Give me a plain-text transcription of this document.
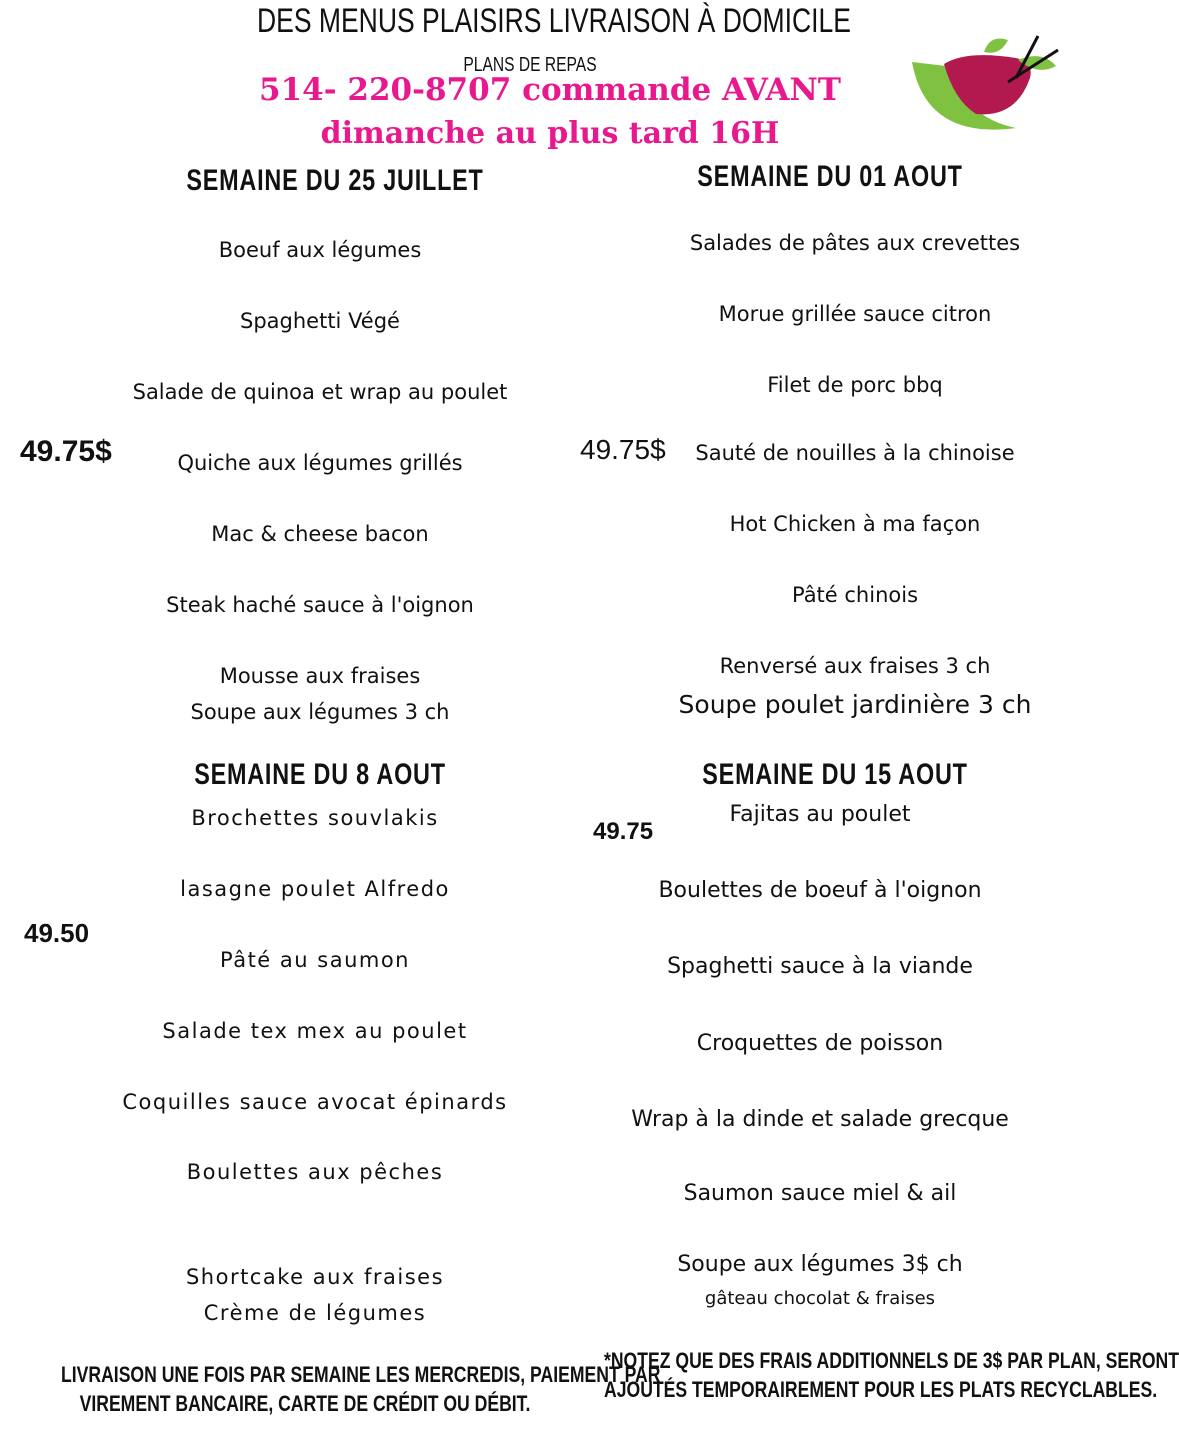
DES MENUS PLAISIRS LIVRAISON À DOMICILE
PLANS DE REPAS
514- 220-8707 commande AVANT
dimanche au plus tard 16H
SEMAINE DU 25 JUILLET
49.75$
Boeuf aux légumes
Spaghetti Végé
Salade de quinoa et wrap au poulet
Quiche aux légumes grillés
Mac & cheese bacon
Steak haché sauce à l'oignon
Mousse aux fraises
Soupe aux légumes 3 ch
SEMAINE DU 01 AOUT
49.75$
Salades de pâtes aux crevettes
Morue grillée sauce citron
Filet de porc bbq
Sauté de nouilles à la chinoise
Hot Chicken à ma façon
Pâté chinois
Renversé aux fraises 3 ch
Soupe poulet jardinière 3 ch
SEMAINE DU 8 AOUT
49.50
Brochettes souvlakis
lasagne poulet Alfredo
Pâté au saumon
Salade tex mex au poulet
Coquilles sauce avocat épinards
Boulettes aux pêches
Shortcake aux fraises
Crème de légumes
SEMAINE DU 15 AOUT
49.75
Fajitas au poulet
Boulettes de boeuf à l'oignon
Spaghetti sauce à la viande
Croquettes de poisson
Wrap à la dinde et salade grecque
Saumon sauce miel & ail
Soupe aux légumes 3$ ch
gâteau chocolat & fraises
LIVRAISON UNE FOIS PAR SEMAINE LES MERCREDIS, PAIEMENT PAR
VIREMENT BANCAIRE, CARTE DE CRÉDIT OU DÉBIT.
*NOTEZ QUE DES FRAIS ADDITIONNELS DE 3$ PAR PLAN, SERONT
AJOUTÉS TEMPORAIREMENT POUR LES PLATS RECYCLABLES.
